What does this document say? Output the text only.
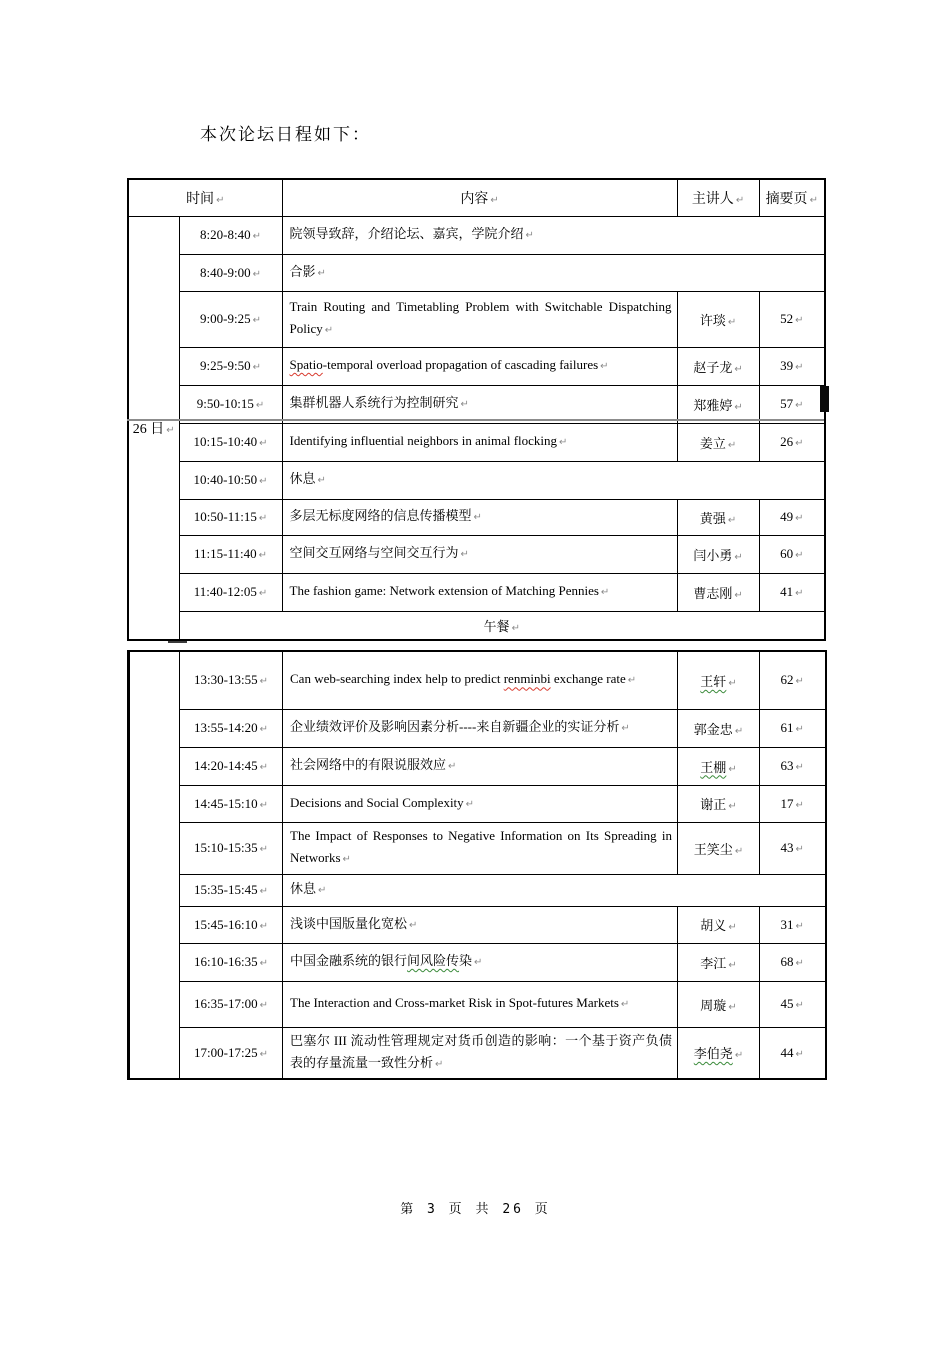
本次论坛日程如下：
时间 ↵		内容 ↵	主讲人 ↵	摘要页 ↵
26 日 ↵	8:20-8:40 ↵	院领导致辞，介绍论坛、嘉宾，学院介绍 ↵		
	8:40-9:00 ↵	合影 ↵		
	9:00-9:25 ↵	Train Routing and Timetabling Problem with Switchable Dispatching Policy ↵	许琰 ↵	52 ↵
	9:25-9:50 ↵	Spatio-temporal overload propagation of cascading failures ↵	赵子龙 ↵	39 ↵
	9:50-10:15 ↵	集群机器人系统行为控制研究 ↵	郑雅婷 ↵	57 ↵
	10:15-10:40 ↵	Identifying influential neighbors in animal flocking ↵	姜立 ↵	26 ↵
	10:40-10:50 ↵	休息 ↵		
	10:50-11:15 ↵	多层无标度网络的信息传播模型 ↵	黄强 ↵	49 ↵
	11:15-11:40 ↵	空间交互网络与空间交互行为 ↵	闫小勇 ↵	60 ↵
	11:40-12:05 ↵	The fashion game: Network extension of Matching Pennies ↵	曹志刚 ↵	41 ↵
	午餐 ↵			
	13:30-13:55 ↵	Can web-searching index help to predict renminbi exchange rate ↵	王轩 ↵	62 ↵
	13:55-14:20 ↵	企业绩效评价及影响因素分析----来自新疆企业的实证分析 ↵	郭金忠 ↵	61 ↵
	14:20-14:45 ↵	社会网络中的有限说服效应 ↵	王棚 ↵	63 ↵
	14:45-15:10 ↵	Decisions and Social Complexity ↵	谢正 ↵	17 ↵
	15:10-15:35 ↵	The Impact of Responses to Negative Information on Its Spreading in Networks ↵	王笑尘 ↵	43 ↵
	15:35-15:45 ↵	休息 ↵		
	15:45-16:10 ↵	浅谈中国版量化宽松 ↵	胡义 ↵	31 ↵
	16:10-16:35 ↵	中国金融系统的银行间风险传染 ↵	李江 ↵	68 ↵
	16:35-17:00 ↵	The Interaction and Cross-market Risk in Spot-futures Markets ↵	周璇 ↵	45 ↵
	17:00-17:25 ↵	巴塞尔 III 流动性管理规定对货币创造的影响：一个基于资产负债表的存量流量一致性分析 ↵	李伯尧 ↵	44 ↵
第 3 页 共 26 页
